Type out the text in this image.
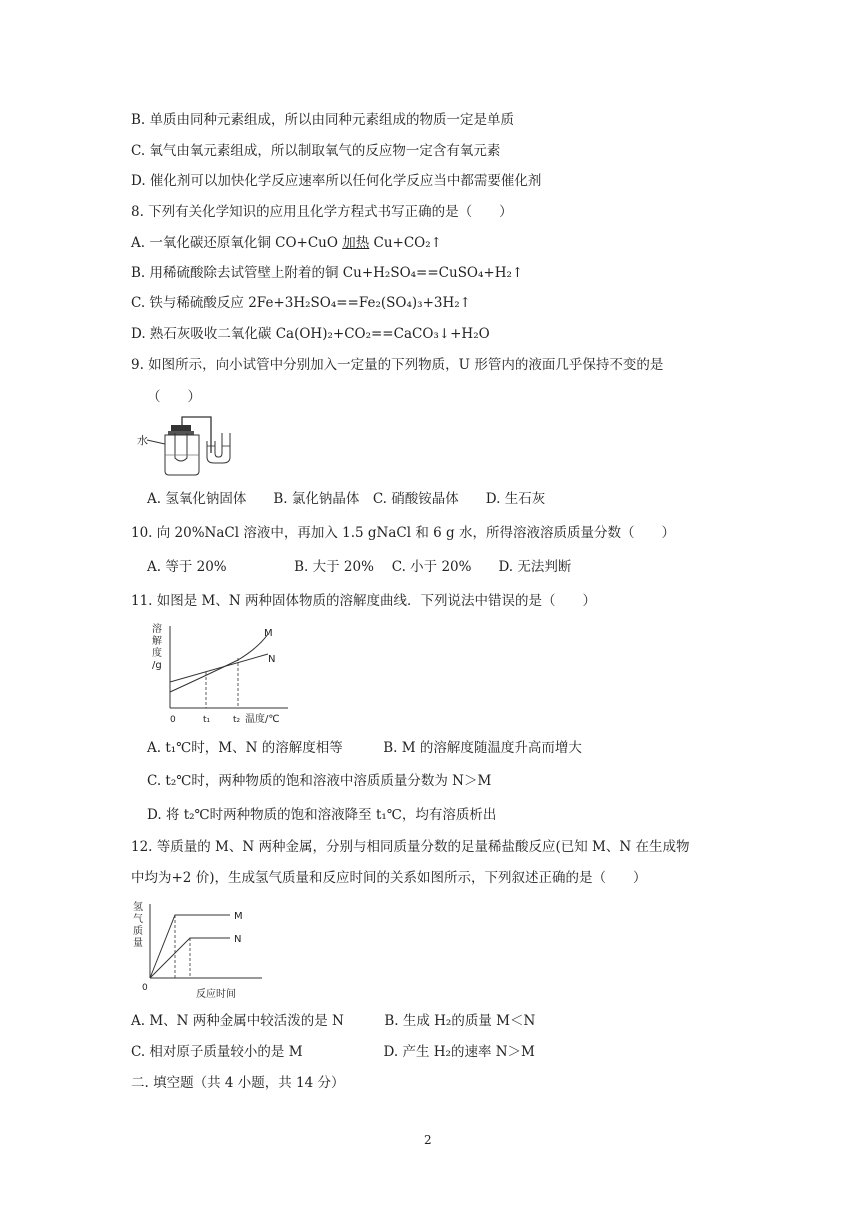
B. 单质由同种元素组成，所以由同种元素组成的物质一定是单质
C. 氧气由氧元素组成，所以制取氧气的反应物一定含有氧元素
D. 催化剂可以加快化学反应速率所以任何化学反应当中都需要催化剂
8. 下列有关化学知识的应用且化学方程式书写正确的是（　　）
A. 一氧化碳还原氧化铜 CO+CuO 加热 Cu+CO₂↑
B. 用稀硫酸除去试管壁上附着的铜 Cu+H₂SO₄==CuSO₄+H₂↑
C. 铁与稀硫酸反应 2Fe+3H₂SO₄==Fe₂(SO₄)₃+3H₂↑
D. 熟石灰吸收二氧化碳 Ca(OH)₂+CO₂==CaCO₃↓+H₂O
9. 如图所示，向小试管中分别加入一定量的下列物质，U 形管内的液面几乎保持不变的是
（　　）
水
A. 氢氧化钠固体　　B. 氯化钠晶体　C. 硝酸铵晶体　　D. 生石灰
10. 向 20%NaCl 溶液中，再加入 1.5 gNaCl 和 6 g 水，所得溶液溶质质量分数（　　）
A. 等于 20%　　　　　B. 大于 20%　 C. 小于 20%　　D. 无法判断
11. 如图是 M、N 两种固体物质的溶解度曲线．下列说法中错误的是（　　）
溶解度/g
M
N
0	t₁	t₂ 温度/℃
A. t₁℃时，M、N 的溶解度相等　　　B. M 的溶解度随温度升高而增大
C. t₂℃时，两种物质的饱和溶液中溶质质量分数为 N＞M
D. 将 t₂℃时两种物质的饱和溶液降至 t₁℃，均有溶质析出
12. 等质量的 M、N 两种金属，分别与相同质量分数的足量稀盐酸反应(已知 M、N 在生成物
中均为+2 价)，生成氢气质量和反应时间的关系如图所示，下列叙述正确的是（　　）
氢气质量
M
N
0
反应时间
A. M、N 两种金属中较活泼的是 N　　　B. 生成 H₂的质量 M＜N
C. 相对原子质量较小的是 M　　　　　　D. 产生 H₂的速率 N＞M
二. 填空题（共 4 小题，共 14 分）
2
